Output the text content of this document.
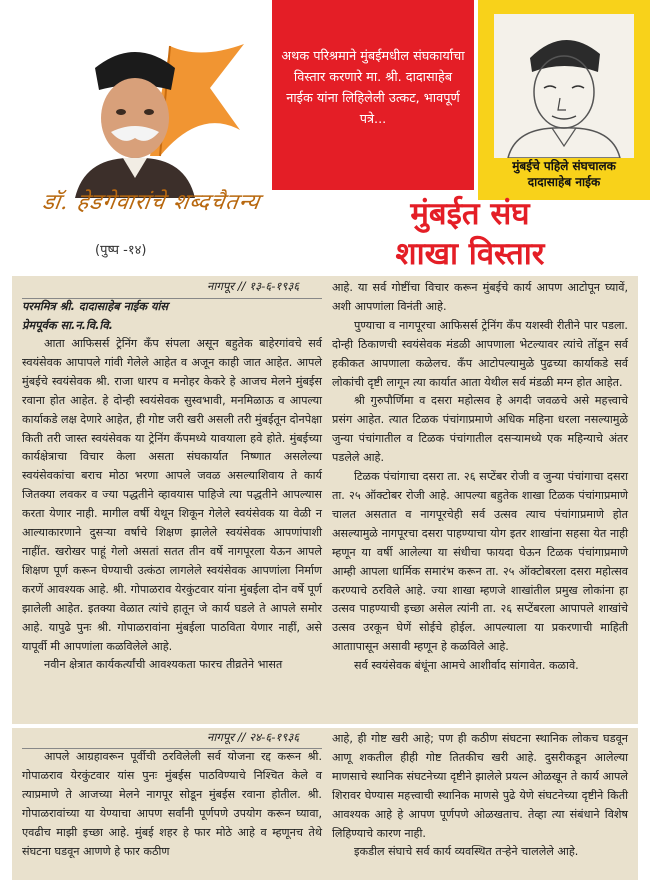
डॉ. हेडगेवारांचे शब्दचैतन्य
(पुष्प -१४)

अथक परिश्रमाने मुंबईमधील संघकार्याचा विस्तार करणारे मा. श्री. दादासाहेब नाईक यांना लिहिलेली उत्कट, भावपूर्ण पत्रे...

मुंबईचे पहिले संघचालक
दादासाहेब नाईक
मुंबईत संघ
शाखा विस्तार
नागपूर // १३-६-१९३६
परममित्र श्री. दादासाहेब नाईक यांस
प्रेमपूर्वक सा.न.वि.वि.

आता आफिसर्स ट्रेनिंग कँप संपला असून बहुतेक बाहेरगांवचे सर्व स्वयंसेवक आपापले गांवी गेलेले आहेत व अजून काही जात आहेत. आपले मुंबईचे स्वयंसेवक श्री. राजा धारप व मनोहर केकरे हे आजच मेलने मुंबईस रवाना होत आहेत. हे दोन्ही स्वयंसेवक सुस्वभावी, मनमिळाऊ व आपल्या कार्याकडे लक्ष देणारे आहेत, ही गोष्ट जरी खरी असली तरी मुंबईतून दोनपेक्षा किती तरी जास्त स्वयंसेवक या ट्रेनिंग कँपमध्ये यावयाला हवे होते. मुंबईच्या कार्यक्षेत्राचा विचार केला असता संघकार्यात निष्णात असलेल्या स्वयंसेवकांचा बराच मोठा भरणा आपले जवळ असल्याशिवाय ते कार्य जितक्या लवकर व ज्या पद्धतीने व्हावयास पाहिजे त्या पद्धतीने आपल्यास करता येणार नाही. मागील वर्षी येथून शिकून गेलेले स्वयंसेवक या वेळी न आल्याकारणाने दुसऱ्या वर्षाचे शिक्षण झालेले स्वयंसेवक आपणांपाशी नाहींत. खरोखर पाहूं गेलो असतां सतत तीन वर्षे नागपूरला येऊन आपले शिक्षण पूर्ण करून घेण्याची उत्कंठा लागलेले स्वयंसेवक आपणांला निर्माण करणें आवश्यक आहे. श्री. गोपाळराव येरकुंटवार यांना मुंबईला दोन वर्षे पूर्ण झालेली आहेत. इतक्या वेळात त्यांचे हातून जे कार्य घडले ते आपले समोर आहे. यापुढे पुनः श्री. गोपाळरावांना मुंबईला पाठविता येणार नाहीं, असे यापूर्वी मी आपणांला कळविलेले आहे.

नवीन क्षेत्रात कार्यकर्त्यांची आवश्यकता फारच तीव्रतेने भासत

आहे. या सर्व गोष्टींचा विचार करून मुंबईचे कार्य आपण आटोपून घ्यावें, अशी आपणांला विनंती आहे.

पुण्याचा व नागपूरचा आफिसर्स ट्रेनिंग कँप यशस्वी रीतीने पार पडला. दोन्ही ठिकाणची स्वयंसेवक मंडळी आपणाला भेटल्यावर त्यांचे तोंडून सर्व हकीकत आपणाला कळेलच. कँप आटोपल्यामुळे पुढच्या कार्याकडे सर्व लोकांची दृष्टी लागून त्या कार्यात आता येथील सर्व मंडळी मग्न होत आहेत.

श्री गुरुपौर्णिमा व दसरा महोत्सव हे अगदी जवळचे असे महत्त्वाचे प्रसंग आहेत. त्यात टिळक पंचांगाप्रमाणे अधिक महिना धरला नसल्यामुळे जुन्या पंचांगातील व टिळक पंचांगातील दसऱ्यामध्ये एक महिन्याचे अंतर पडलेले आहे.

टिळक पंचांगाचा दसरा ता. २६ सप्टेंबर रोजी व जुन्या पंचांगाचा दसरा ता. २५ ऑक्टोबर रोजी आहे. आपल्या बहुतेक शाखा टिळक पंचांगाप्रमाणे चालत असतात व नागपूरचेही सर्व उत्सव त्याच पंचांगाप्रमाणे होत असल्यामुळे नागपूरचा दसरा पाहण्याचा योग इतर शाखांना सहसा येत नाही म्हणून या वर्षी आलेल्या या संधीचा फायदा घेऊन टिळक पंचांगाप्रमाणे आम्ही आपला धार्मिक समारंभ करून ता. २५ ऑक्टोबरला दसरा महोत्सव करण्याचे ठरविले आहे. ज्या शाखा म्हणजे शाखांतील प्रमुख लोकांना हा उत्सव पाहण्याची इच्छा असेल त्यांनी ता. २६ सप्टेंबरला आपापले शाखांचे उत्सव उरकून घेणें सोईचे होईल. आपल्याला या प्रकरणाची माहिती आताापासून असावी म्हणून हे कळविले आहे.

सर्व स्वयंसेवक बंधूंना आमचे आशीर्वाद सांगावेत. कळावे.

नागपूर // २४-६-१९३६

आपले आग्रहावरून पूर्वीची ठरविलेली सर्व योजना रद्द करून श्री. गोपाळराव येरकुंटवार यांस पुनः मुंबईस पाठविण्याचे निश्चित केले व त्याप्रमाणे ते आजच्या मेलने नागपूर सोडून मुंबईस रवाना होतील. श्री. गोपाळरावांच्या या येण्याचा आपण सर्वांनी पूर्णपणे उपयोग करून घ्यावा, एवढीच माझी इच्छा आहे. मुंबई शहर हे फार मोठे आहे व म्हणूनच तेथे संघटना घडवून आणणे हे फार कठीण

आहे, ही गोष्ट खरी आहे; पण ही कठीण संघटना स्थानिक लोकच घडवून आणू शकतील हीही गोष्ट तितकीच खरी आहे. दुसरीकडून आलेल्या माणसाचे स्थानिक संघटनेच्या दृष्टीने झालेले प्रयत्न ओळखून ते कार्य आपले शिरावर घेण्यास महत्त्वाची स्थानिक माणसे पुढे येणे संघटनेच्या दृष्टीने किती आवश्यक आहे हे आपण पूर्णपणे ओळखताच. तेव्हा त्या संबंधाने विशेष लिहिण्याचे कारण नाही.

इकडील संघाचे सर्व कार्य व्यवस्थित तऱ्हेने चाललेले आहे.
